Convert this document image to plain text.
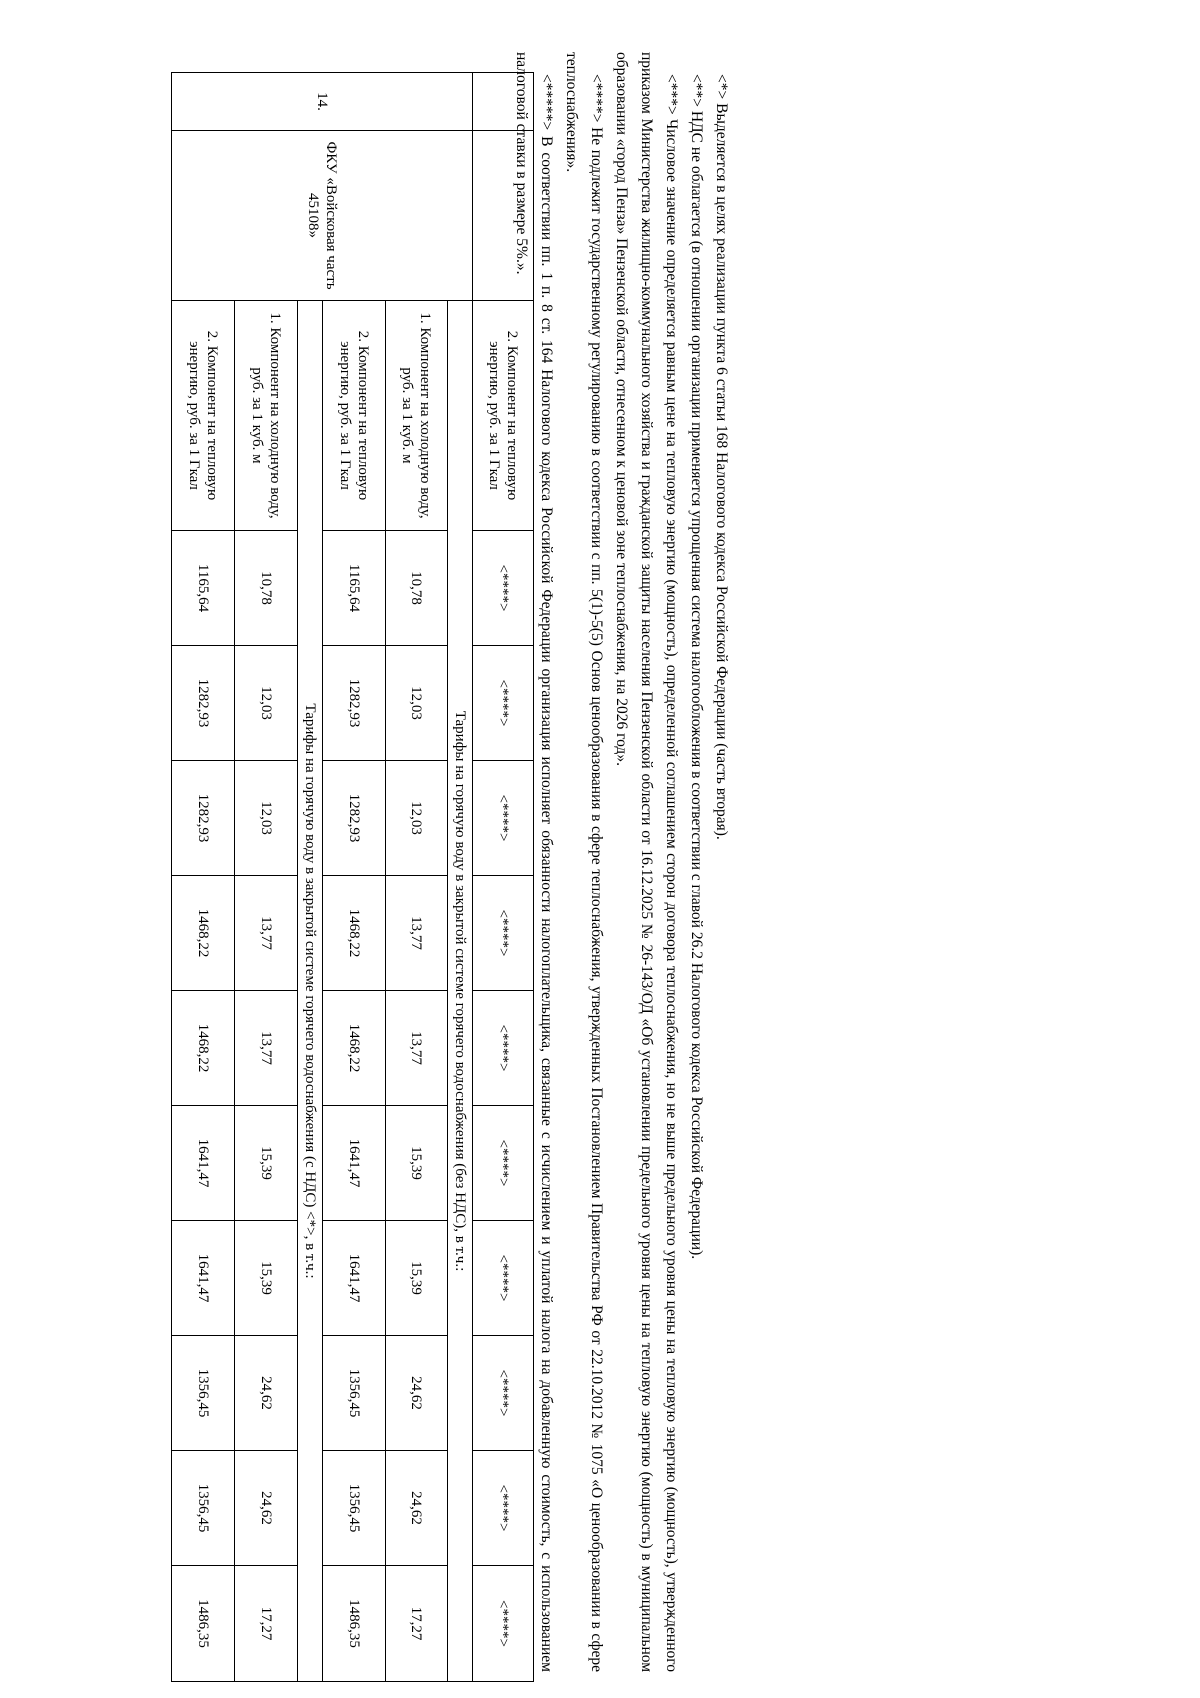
		2. Компонент на тепловую энергию, руб. за 1 Гкал	<****>	<****>	<****>	<****>	<****>	<****>	<****>	<****>	<****>	<****>
14.	ФКУ «Войсковая часть 45108»	Тарифы на горячую воду в закрытой системе горячего водоснабжения (без НДС), в т.ч.:										
		1. Компонент на холодную воду, руб. за 1 куб. м	10,78	12,03	12,03	13,77	13,77	15,39	15,39	24,62	24,62	17,27
		2. Компонент на тепловую энергию, руб. за 1 Гкал	1165,64	1282,93	1282,93	1468,22	1468,22	1641,47	1641,47	1356,45	1356,45	1486,35
		Тарифы на горячую воду в закрытой системе горячего водоснабжения (с НДС) <*>, в т.ч.:										
		1. Компонент на холодную воду, руб. за 1 куб. м	10,78	12,03	12,03	13,77	13,77	15,39	15,39	24,62	24,62	17,27
		2. Компонент на тепловую энергию, руб. за 1 Гкал	1165,64	1282,93	1282,93	1468,22	1468,22	1641,47	1641,47	1356,45	1356,45	1486,35

<*> Выделяется в целях реализации пункта 6 статьи 168 Налогового кодекса Российской Федерации (часть вторая).

<**> НДС не облагается (в отношении организации применяется упрощенная система налогообложения в соответствии с главой 26.2 Налогового кодекса Российской Федерации).

<***> Числовое значение определяется равным цене на тепловую энергию (мощность), определенной соглашением сторон договора теплоснабжения, но не выше предельного уровня цены на тепловую энергию (мощность), утвержденного приказом Министерства жилищно-коммунального хозяйства и гражданской защиты населения Пензенской области от 16.12.2025 № 26-143/ОД «Об установлении предельного уровня цены на тепловую энергию (мощность) в муниципальном образовании «город Пенза» Пензенской области, отнесенном к ценовой зоне теплоснабжения, на 2026 год».

<****> Не подлежит государственному регулированию в соответствии с пп. 5(1)-5(5) Основ ценообразования в сфере теплоснабжения, утвержденных Постановлением Правительства РФ от 22.10.2012 № 1075 «О ценообразовании в сфере теплоснабжения».

<*****> В соответствии пп. 1 п. 8 ст. 164 Налогового кодекса Российской Федерации организация исполняет обязанности налогоплательщика, связанные с исчислением и уплатой налога на добавленную стоимость, с использованием налоговой ставки в размере 5%.».
